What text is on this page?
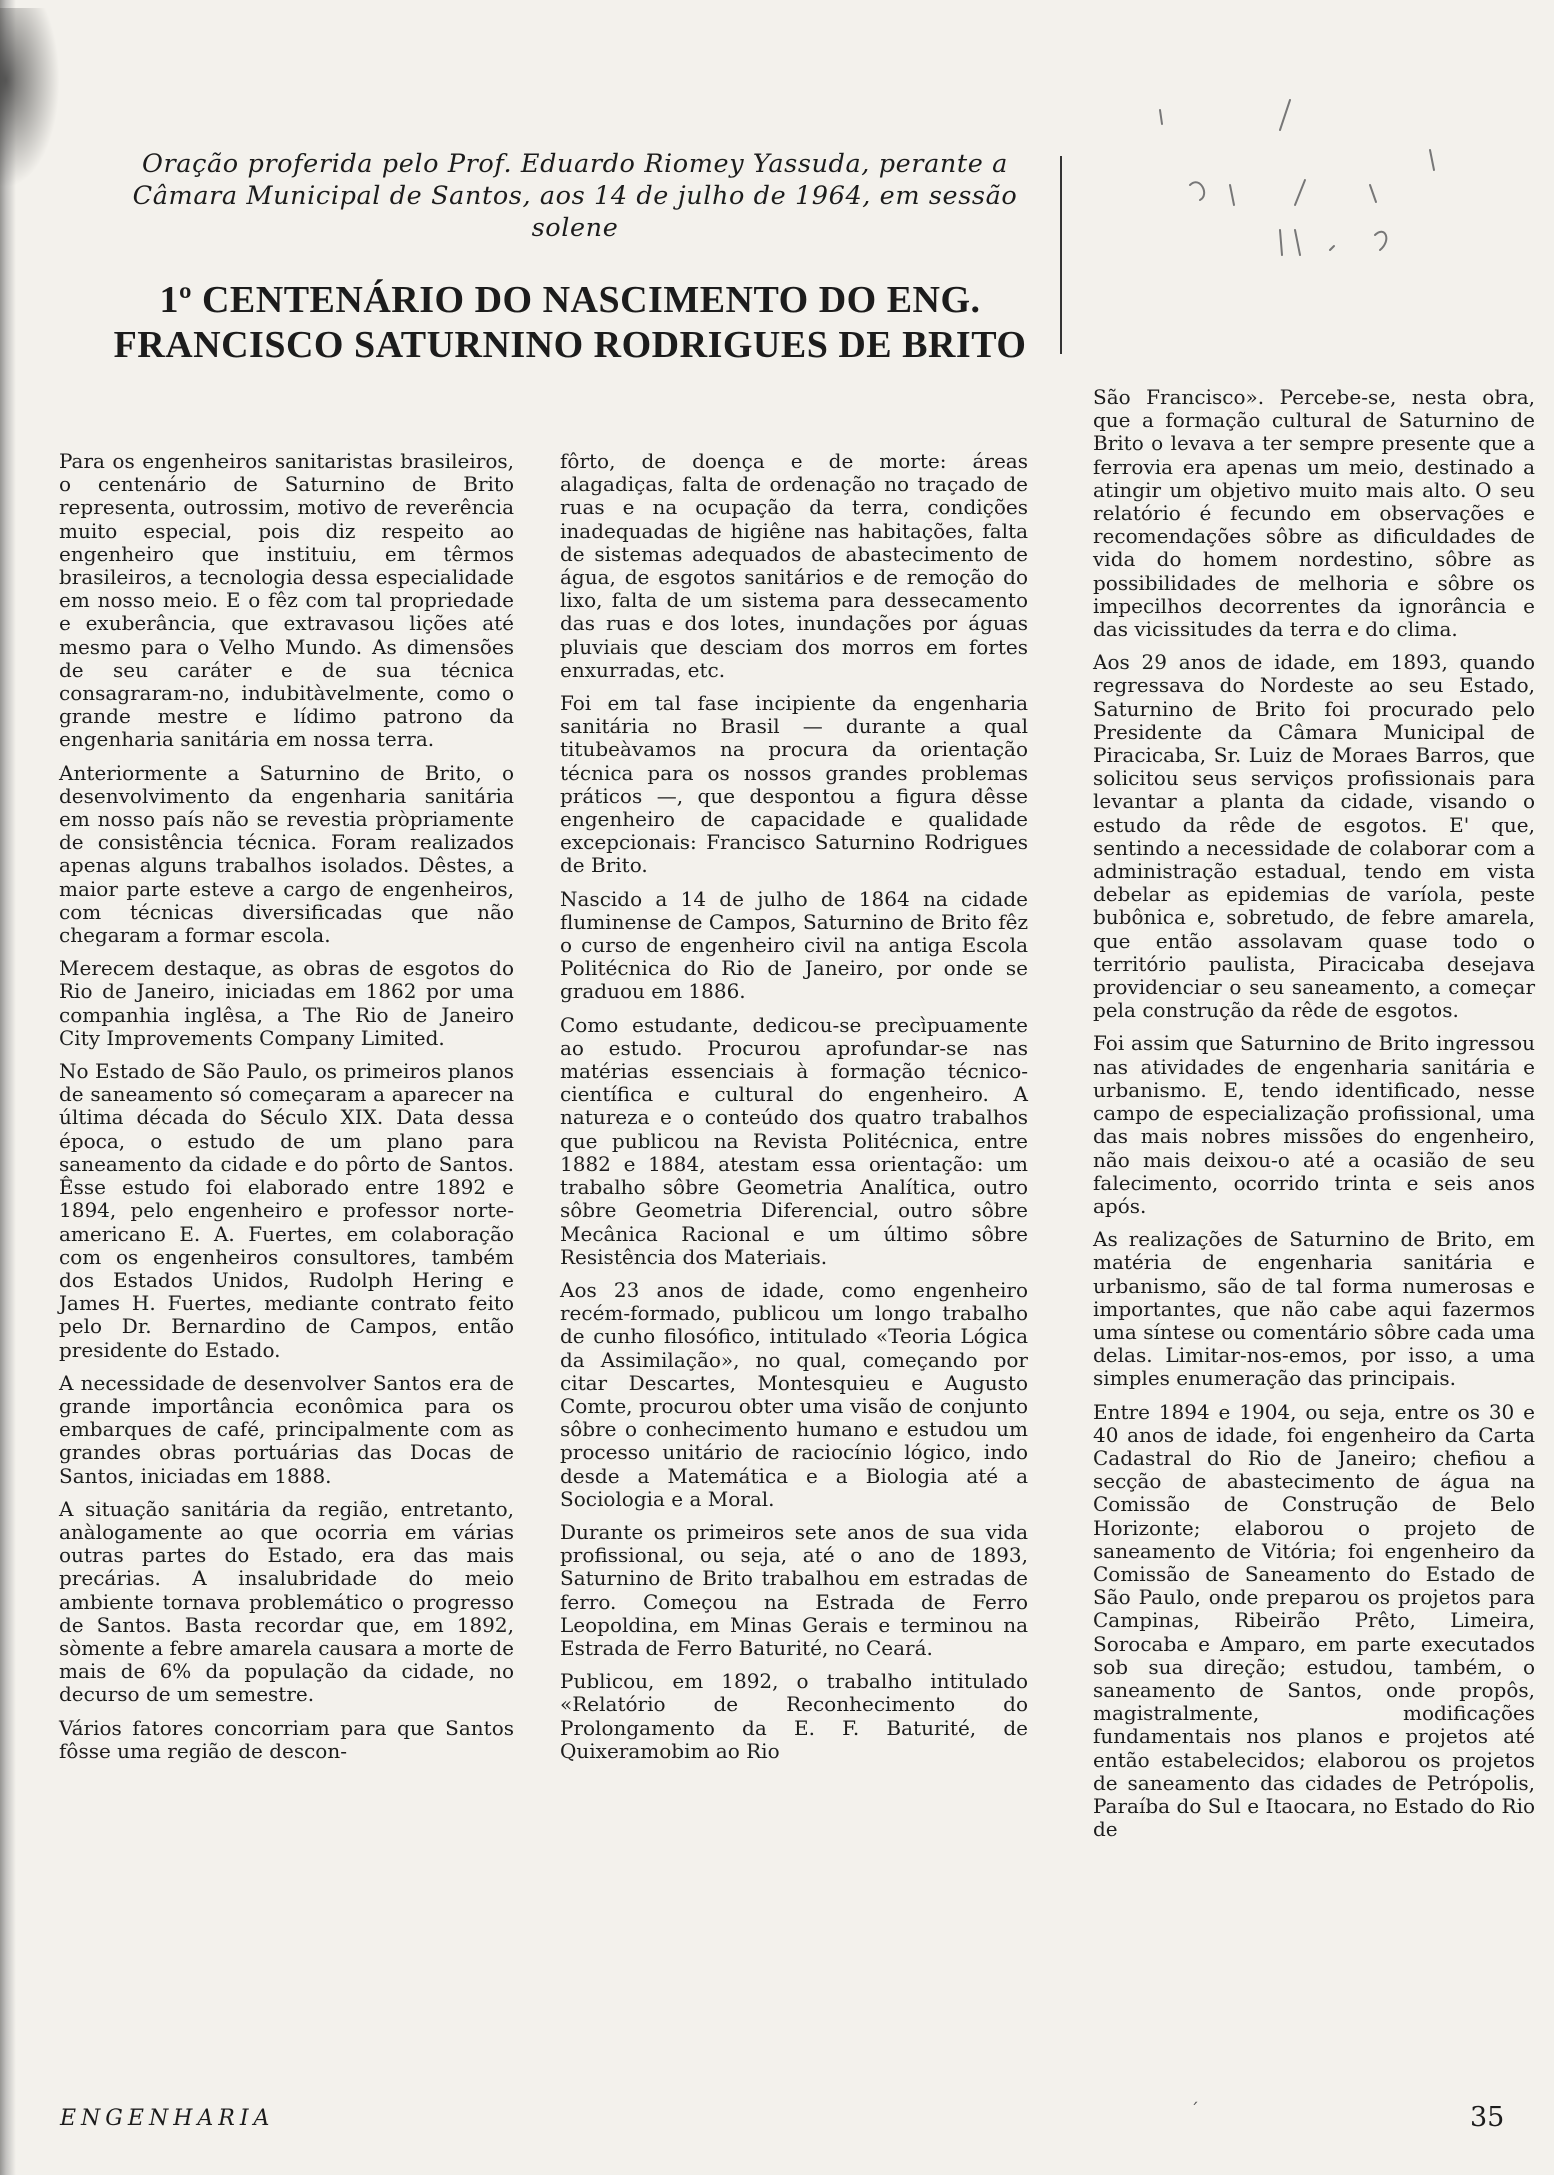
Oração proferida pelo Prof. Eduardo Riomey Yassuda, perante a Câmara Municipal de Santos, aos 14 de julho de 1964, em sessão solene
1º CENTENÁRIO DO NASCIMENTO DO ENG. FRANCISCO SATURNINO RODRIGUES DE BRITO

Para os engenheiros sanitaristas brasileiros, o centenário de Saturnino de Brito representa, outrossim, motivo de reverência muito especial, pois diz respeito ao engenheiro que instituiu, em têrmos brasileiros, a tecnologia dessa especialidade em nosso meio. E o fêz com tal propriedade e exuberância, que extravasou lições até mesmo para o Velho Mundo. As dimensões de seu caráter e de sua técnica consagraram-no, indubitàvelmente, como o grande mestre e lídimo patrono da engenharia sanitária em nossa terra.

Anteriormente a Saturnino de Brito, o desenvolvimento da engenharia sanitária em nosso país não se revestia pròpriamente de consistência técnica. Foram realizados apenas alguns trabalhos isolados. Dêstes, a maior parte esteve a cargo de engenheiros, com técnicas diversificadas que não chegaram a formar escola.

Merecem destaque, as obras de esgotos do Rio de Janeiro, iniciadas em 1862 por uma companhia inglêsa, a The Rio de Janeiro City Improvements Company Limited.

No Estado de São Paulo, os primeiros planos de saneamento só começaram a aparecer na última década do Século XIX. Data dessa época, o estudo de um plano para saneamento da cidade e do pôrto de Santos. Êsse estudo foi elaborado entre 1892 e 1894, pelo engenheiro e professor norte-americano E. A. Fuertes, em colaboração com os engenheiros consultores, também dos Estados Unidos, Rudolph Hering e James H. Fuertes, mediante contrato feito pelo Dr. Bernardino de Campos, então presidente do Estado.

A necessidade de desenvolver Santos era de grande importância econômica para os embarques de café, principalmente com as grandes obras portuárias das Docas de Santos, iniciadas em 1888.

A situação sanitária da região, entretanto, anàlogamente ao que ocorria em várias outras partes do Estado, era das mais precárias. A insalubridade do meio ambiente tornava problemático o progresso de Santos. Basta recordar que, em 1892, sòmente a febre amarela causara a morte de mais de 6% da população da cidade, no decurso de um semestre.

Vários fatores concorriam para que Santos fôsse uma região de descon-

fôrto, de doença e de morte: áreas alagadiças, falta de ordenação no traçado de ruas e na ocupação da terra, condições inadequadas de higiêne nas habitações, falta de sistemas adequados de abastecimento de água, de esgotos sanitários e de remoção do lixo, falta de um sistema para dessecamento das ruas e dos lotes, inundações por águas pluviais que desciam dos morros em fortes enxurradas, etc.

Foi em tal fase incipiente da engenharia sanitária no Brasil — durante a qual titubeàvamos na procura da orientação técnica para os nossos grandes problemas práticos —, que despontou a figura dêsse engenheiro de capacidade e qualidade excepcionais: Francisco Saturnino Rodrigues de Brito.

Nascido a 14 de julho de 1864 na cidade fluminense de Campos, Saturnino de Brito fêz o curso de engenheiro civil na antiga Escola Politécnica do Rio de Janeiro, por onde se graduou em 1886.

Como estudante, dedicou-se precìpuamente ao estudo. Procurou aprofundar-se nas matérias essenciais à formação técnico-científica e cultural do engenheiro. A natureza e o conteúdo dos quatro trabalhos que publicou na Revista Politécnica, entre 1882 e 1884, atestam essa orientação: um trabalho sôbre Geometria Analítica, outro sôbre Geometria Diferencial, outro sôbre Mecânica Racional e um último sôbre Resistência dos Materiais.

Aos 23 anos de idade, como engenheiro recém-formado, publicou um longo trabalho de cunho filosófico, intitulado «Teoria Lógica da Assimilação», no qual, começando por citar Descartes, Montesquieu e Augusto Comte, procurou obter uma visão de conjunto sôbre o conhecimento humano e estudou um processo unitário de raciocínio lógico, indo desde a Matemática e a Biologia até a Sociologia e a Moral.

Durante os primeiros sete anos de sua vida profissional, ou seja, até o ano de 1893, Saturnino de Brito trabalhou em estradas de ferro. Começou na Estrada de Ferro Leopoldina, em Minas Gerais e terminou na Estrada de Ferro Baturité, no Ceará.

Publicou, em 1892, o trabalho intitulado «Relatório de Reconhecimento do Prolongamento da E. F. Baturité, de Quixeramobim ao Rio

São Francisco». Percebe-se, nesta obra, que a formação cultural de Saturnino de Brito o levava a ter sempre presente que a ferrovia era apenas um meio, destinado a atingir um objetivo muito mais alto. O seu relatório é fecundo em observações e recomendações sôbre as dificuldades de vida do homem nordestino, sôbre as possibilidades de melhoria e sôbre os impecilhos decorrentes da ignorância e das vicissitudes da terra e do clima.

Aos 29 anos de idade, em 1893, quando regressava do Nordeste ao seu Estado, Saturnino de Brito foi procurado pelo Presidente da Câmara Municipal de Piracicaba, Sr. Luiz de Moraes Barros, que solicitou seus serviços profissionais para levantar a planta da cidade, visando o estudo da rêde de esgotos. E' que, sentindo a necessidade de colaborar com a administração estadual, tendo em vista debelar as epidemias de varíola, peste bubônica e, sobretudo, de febre amarela, que então assolavam quase todo o território paulista, Piracicaba desejava providenciar o seu saneamento, a começar pela construção da rêde de esgotos.

Foi assim que Saturnino de Brito ingressou nas atividades de engenharia sanitária e urbanismo. E, tendo identificado, nesse campo de especialização profissional, uma das mais nobres missões do engenheiro, não mais deixou-o até a ocasião de seu falecimento, ocorrido trinta e seis anos após.

As realizações de Saturnino de Brito, em matéria de engenharia sanitária e urbanismo, são de tal forma numerosas e importantes, que não cabe aqui fazermos uma síntese ou comentário sôbre cada uma delas. Limitar-nos-emos, por isso, a uma simples enumeração das principais.

Entre 1894 e 1904, ou seja, entre os 30 e 40 anos de idade, foi engenheiro da Carta Cadastral do Rio de Janeiro; chefiou a secção de abastecimento de água na Comissão de Construção de Belo Horizonte; elaborou o projeto de saneamento de Vitória; foi engenheiro da Comissão de Saneamento do Estado de São Paulo, onde preparou os projetos para Campinas, Ribeirão Prêto, Limeira, Sorocaba e Amparo, em parte executados sob sua direção; estudou, também, o saneamento de Santos, onde propôs, magistralmente, modificações fundamentais nos planos e projetos até então estabelecidos; elaborou os projetos de saneamento das cidades de Petrópolis, Paraíba do Sul e Itaocara, no Estado do Rio de

ENGENHARIA	´	35
